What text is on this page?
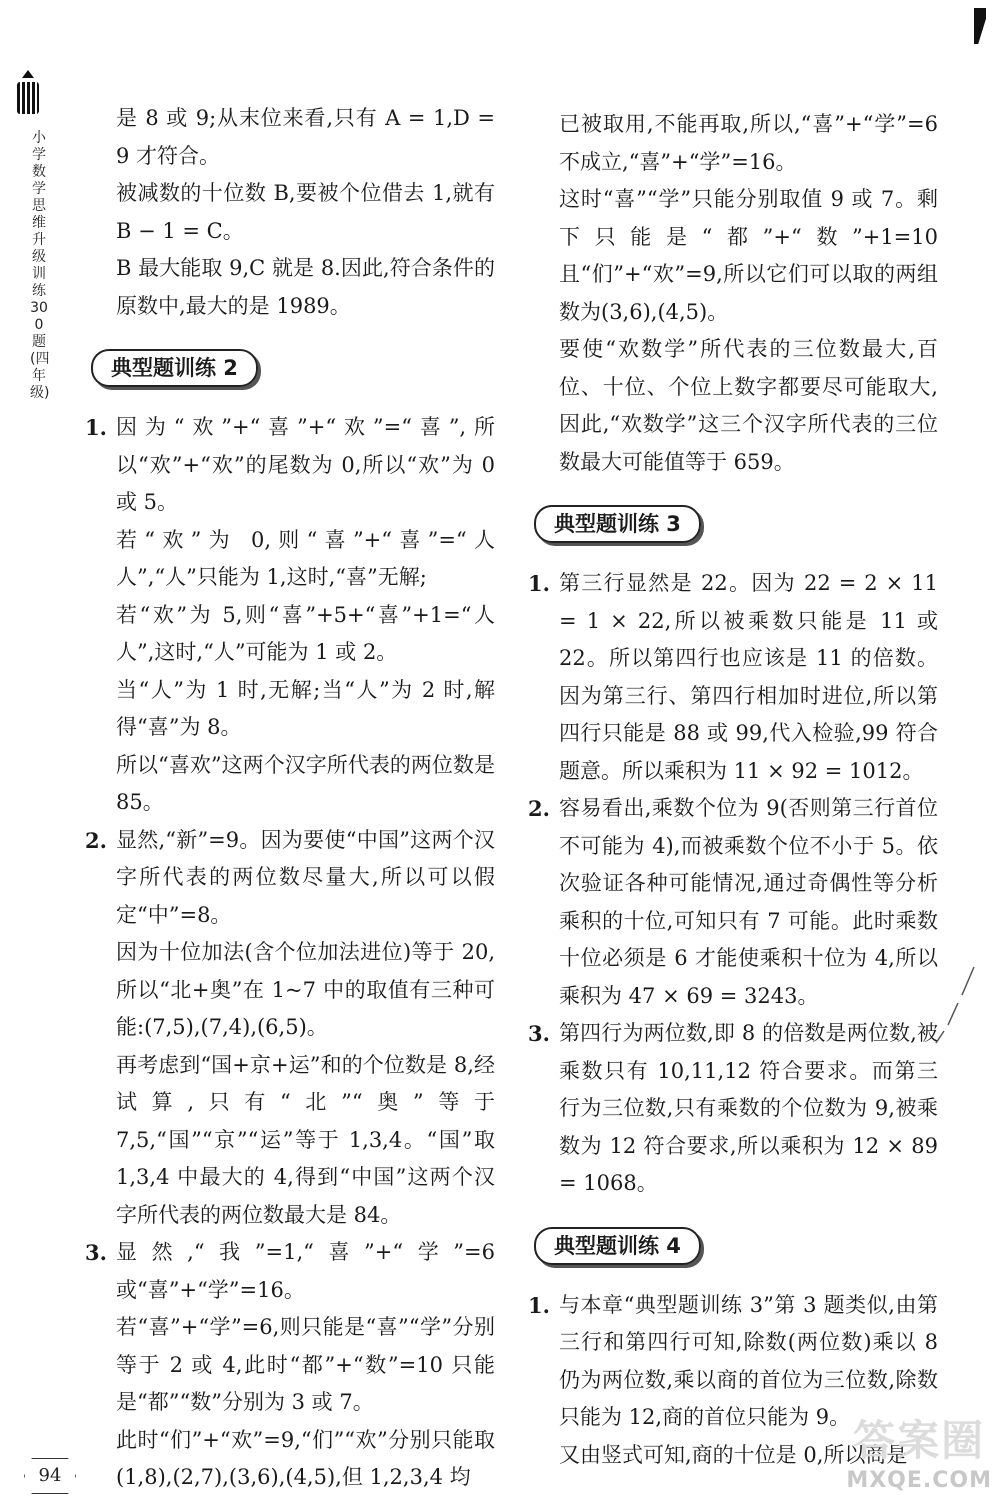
小学数学思维升级训练300题(四年级)

是 8 或 9;从末位来看,只有 A = 1,D = 9 才符合。

被减数的十位数 B,要被个位借去 1,就有 B − 1 = C。

B 最大能取 9,C 就是 8.因此,符合条件的原数中,最大的是 1989。

典型题训练 2
1. 因为“欢”+“喜”+“欢”=“喜”,所以“欢”+“欢”的尾数为 0,所以“欢”为 0 或 5。

若“欢”为 0,则“喜”+“喜”=“人人”,“人”只能为 1,这时,“喜”无解;

若“欢”为 5,则“喜”+5+“喜”+1=“人人”,这时,“人”可能为 1 或 2。

当“人”为 1 时,无解;当“人”为 2 时,解得“喜”为 8。

所以“喜欢”这两个汉字所代表的两位数是 85。

2. 显然,“新”=9。因为要使“中国”这两个汉字所代表的两位数尽量大,所以可以假定“中”=8。

因为十位加法(含个位加法进位)等于 20,所以“北+奥”在 1~7 中的取值有三种可能:(7,5),(7,4),(6,5)。

再考虑到“国+京+运”和的个位数是 8,经试算,只有“北”“奥”等于 7,5,“国”“京”“运”等于 1,3,4。“国”取 1,3,4 中最大的 4,得到“中国”这两个汉字所代表的两位数最大是 84。

3. 显然,“我”=1,“喜”+“学”=6 或“喜”+“学”=16。

若“喜”+“学”=6,则只能是“喜”“学”分别等于 2 或 4,此时“都”+“数”=10 只能是“都”“数”分别为 3 或 7。

此时“们”+“欢”=9,“们”“欢”分别只能取(1,8),(2,7),(3,6),(4,5),但 1,2,3,4 均

已被取用,不能再取,所以,“喜”+“学”=6 不成立,“喜”+“学”=16。

这时“喜”“学”只能分别取值 9 或 7。剩下只能是“都”+“数”+1=10 且“们”+“欢”=9,所以它们可以取的两组数为(3,6),(4,5)。

要使“欢数学”所代表的三位数最大,百位、十位、个位上数字都要尽可能取大,因此,“欢数学”这三个汉字所代表的三位数最大可能值等于 659。

典型题训练 3
1. 第三行显然是 22。因为 22 = 2 × 11 = 1 × 22,所以被乘数只能是 11 或 22。所以第四行也应该是 11 的倍数。因为第三行、第四行相加时进位,所以第四行只能是 88 或 99,代入检验,99 符合题意。所以乘积为 11 × 92 = 1012。

2. 容易看出,乘数个位为 9(否则第三行首位不可能为 4),而被乘数个位不小于 5。依次验证各种可能情况,通过奇偶性等分析乘积的十位,可知只有 7 可能。此时乘数十位必须是 6 才能使乘积十位为 4,所以乘积为 47 × 69 = 3243。

3. 第四行为两位数,即 8 的倍数是两位数,被乘数只有 10,11,12 符合要求。而第三行为三位数,只有乘数的个位数为 9,被乘数为 12 符合要求,所以乘积为 12 × 89 = 1068。

典型题训练 4
1. 与本章“典型题训练 3”第 3 题类似,由第三行和第四行可知,除数(两位数)乘以 8 仍为两位数,乘以商的首位为三位数,除数只能为 12,商的首位只能为 9。

又由竖式可知,商的十位是 0,所以商是

94
答案圈
MXQE.COM
